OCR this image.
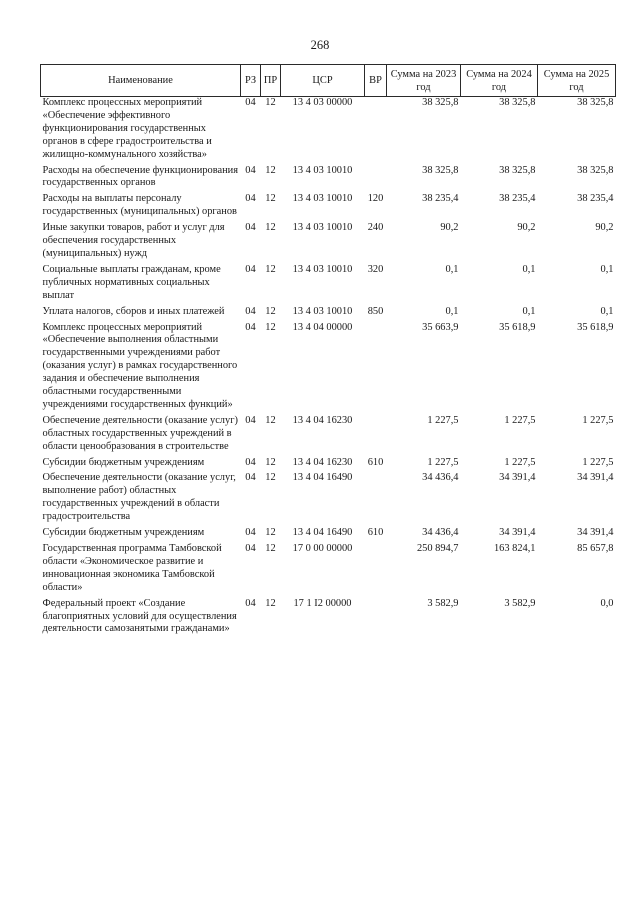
268
Наименование	РЗ	ПР	ЦСР	ВР	Сумма на 2023 год	Сумма на 2024 год	Сумма на 2025 год
Комплекс процессных мероприятий «Обеспечение эффективного функционирования государственных органов в сфере градостроительства и жилищно-коммунального хозяйства»	04	12	13 4 03 00000		38 325,8	38 325,8	38 325,8
Расходы на обеспечение функционирования государственных органов	04	12	13 4 03 10010		38 325,8	38 325,8	38 325,8
Расходы на выплаты персоналу государственных (муниципальных) органов	04	12	13 4 03 10010	120	38 235,4	38 235,4	38 235,4
Иные закупки товаров, работ и услуг для обеспечения государственных (муниципальных) нужд	04	12	13 4 03 10010	240	90,2	90,2	90,2
Социальные выплаты гражданам, кроме публичных нормативных социальных выплат	04	12	13 4 03 10010	320	0,1	0,1	0,1
Уплата налогов, сборов и иных платежей	04	12	13 4 03 10010	850	0,1	0,1	0,1
Комплекс процессных мероприятий «Обеспечение выполнения областными государственными учреждениями работ (оказания услуг) в рамках государственного задания и обеспечение выполнения областными государственными учреждениями государственных функций»	04	12	13 4 04 00000		35 663,9	35 618,9	35 618,9
Обеспечение деятельности (оказание услуг) областных государственных учреждений в области ценообразования в строительстве	04	12	13 4 04 16230		1 227,5	1 227,5	1 227,5
Субсидии бюджетным учреждениям	04	12	13 4 04 16230	610	1 227,5	1 227,5	1 227,5
Обеспечение деятельности (оказание услуг, выполнение работ) областных государственных учреждений в области градостроительства	04	12	13 4 04 16490		34 436,4	34 391,4	34 391,4
Субсидии бюджетным учреждениям	04	12	13 4 04 16490	610	34 436,4	34 391,4	34 391,4
Государственная программа Тамбовской области «Экономическое развитие и инновационная экономика Тамбовской области»	04	12	17 0 00 00000		250 894,7	163 824,1	85 657,8
Федеральный проект «Создание благоприятных условий для осуществления деятельности самозанятыми гражданами»	04	12	17 1 I2 00000		3 582,9	3 582,9	0,0
